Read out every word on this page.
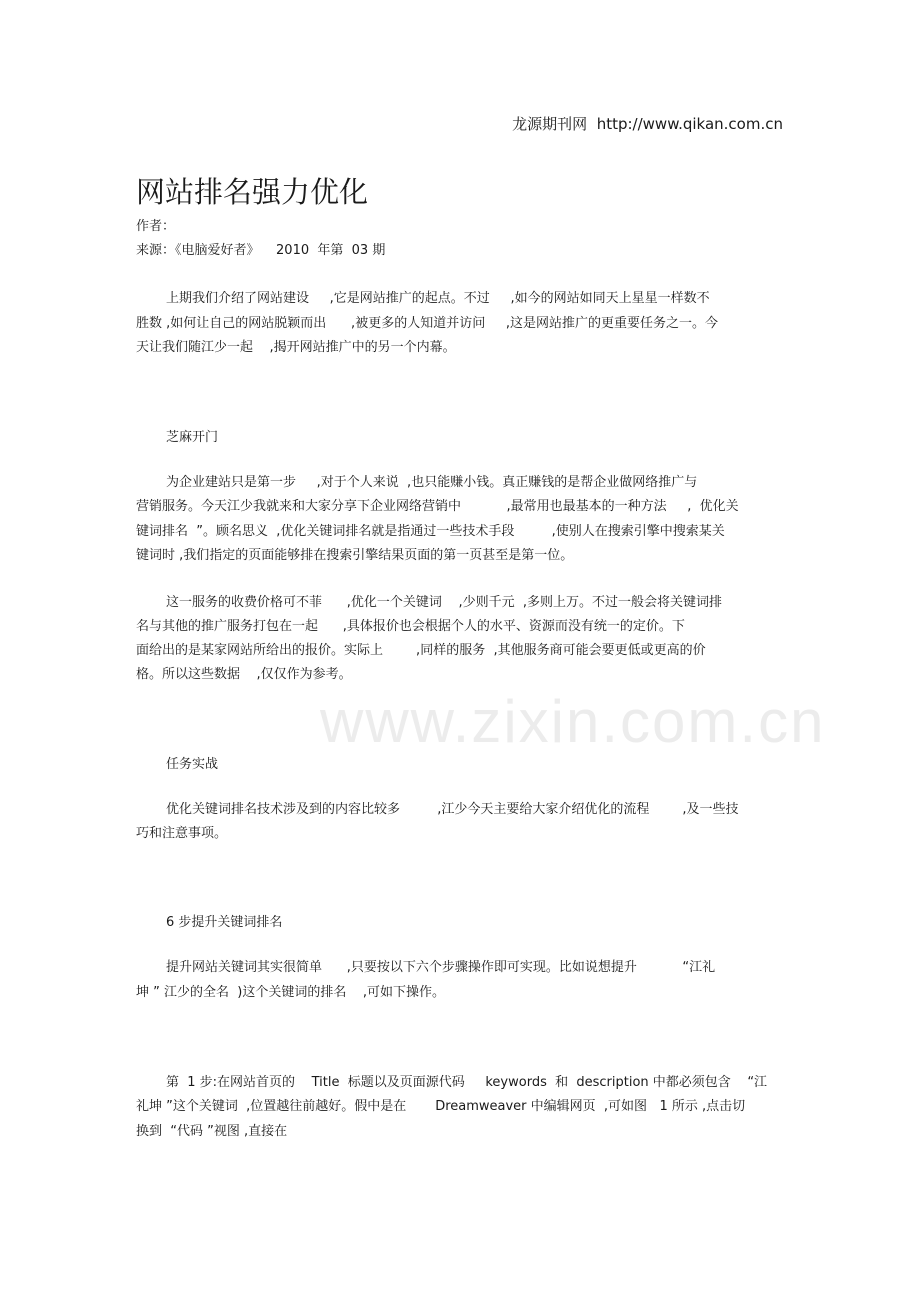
www.zixin.com.cn
龙源期刊网  http://www.qikan.com.cn
网站排名强力优化
作者：
来源：《电脑爱好者》    2010  年第  03 期
上期我们介绍了网站建设     ,它是网站推广的起点。不过     ,如今的网站如同天上星星一样数不
胜数 ,如何让自己的网站脱颖而出      ,被更多的人知道并访问     ,这是网站推广的更重要任务之一。今
天让我们随江少一起    ,揭开网站推广中的另一个内幕。
芝麻开门
为企业建站只是第一步     ,对于个人来说  ,也只能赚小钱。真正赚钱的是帮企业做网络推广与
营销服务。今天江少我就来和大家分享下企业网络营销中           ,最常用也最基本的一种方法     ,  优化关
键词排名  ”。顾名思义  ,优化关键词排名就是指通过一些技术手段         ,使别人在搜索引擎中搜索某关
键词时 ,我们指定的页面能够排在搜索引擎结果页面的第一页甚至是第一位。
这一服务的收费价格可不菲      ,优化一个关键词    ,少则千元  ,多则上万。不过一般会将关键词排
名与其他的推广服务打包在一起      ,具体报价也会根据个人的水平、资源而没有统一的定价。下
面给出的是某家网站所给出的报价。实际上        ,同样的服务  ,其他服务商可能会要更低或更高的价
格。所以这些数据    ,仅仅作为参考。
任务实战
优化关键词排名技术涉及到的内容比较多         ,江少今天主要给大家介绍优化的流程        ,及一些技
巧和注意事项。
6 步提升关键词排名
提升网站关键词其实很简单      ,只要按以下六个步骤操作即可实现。比如说想提升           “江礼
坤 ” 江少的全名  )这个关键词的排名    ,可如下操作。
第  1 步:在网站首页的    Title  标题以及页面源代码     keywords  和  description 中都必须包含    “江
礼坤 ”这个关键词  ,位置越往前越好。假中是在       Dreamweaver 中编辑网页  ,可如图   1 所示 ,点击切
换到  “代码 ”视图 ,直接在
